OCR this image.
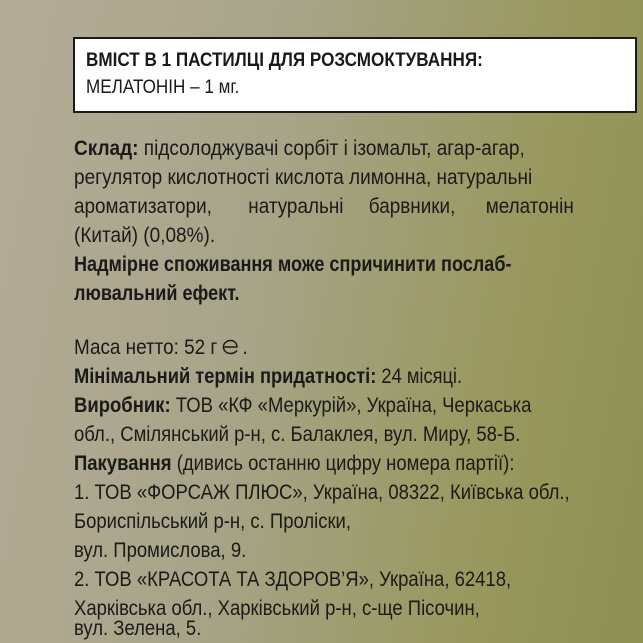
ВМІСТ В 1 ПАСТИЛЦІ ДЛЯ РОЗСМОКТУВАННЯ:
МЕЛАТОНІН – 1 мг.
Склад: підсолоджувачі сорбіт і ізомальт, агар-агар,
регулятор кислотності кислота лимонна, натуральні
ароматизатори, натуральні барвники, мелатонін
(Китай) (0,08%).
Надмірне споживання може спричинити послаб-
лювальний ефект.
Маса нетто: 52 г .
Мінімальний термін придатності: 24 місяці.
Виробник: ТОВ «КФ «Меркурій», Україна, Черкаська
обл., Смілянський р-н, с. Балаклея, вул. Миру, 58-Б.
Пакування (дивись останню цифру номера партії):
1. ТОВ «ФОРСАЖ ПЛЮС», Україна, 08322, Київська обл.,
Бориспільський р-н, с. Проліски,
вул. Промислова, 9.
2. ТОВ «КРАСОТА ТА ЗДОРОВ’Я», Україна, 62418,
Харківська обл., Харківський р-н, с-ще Пісочин,
вул. Зелена, 5.
